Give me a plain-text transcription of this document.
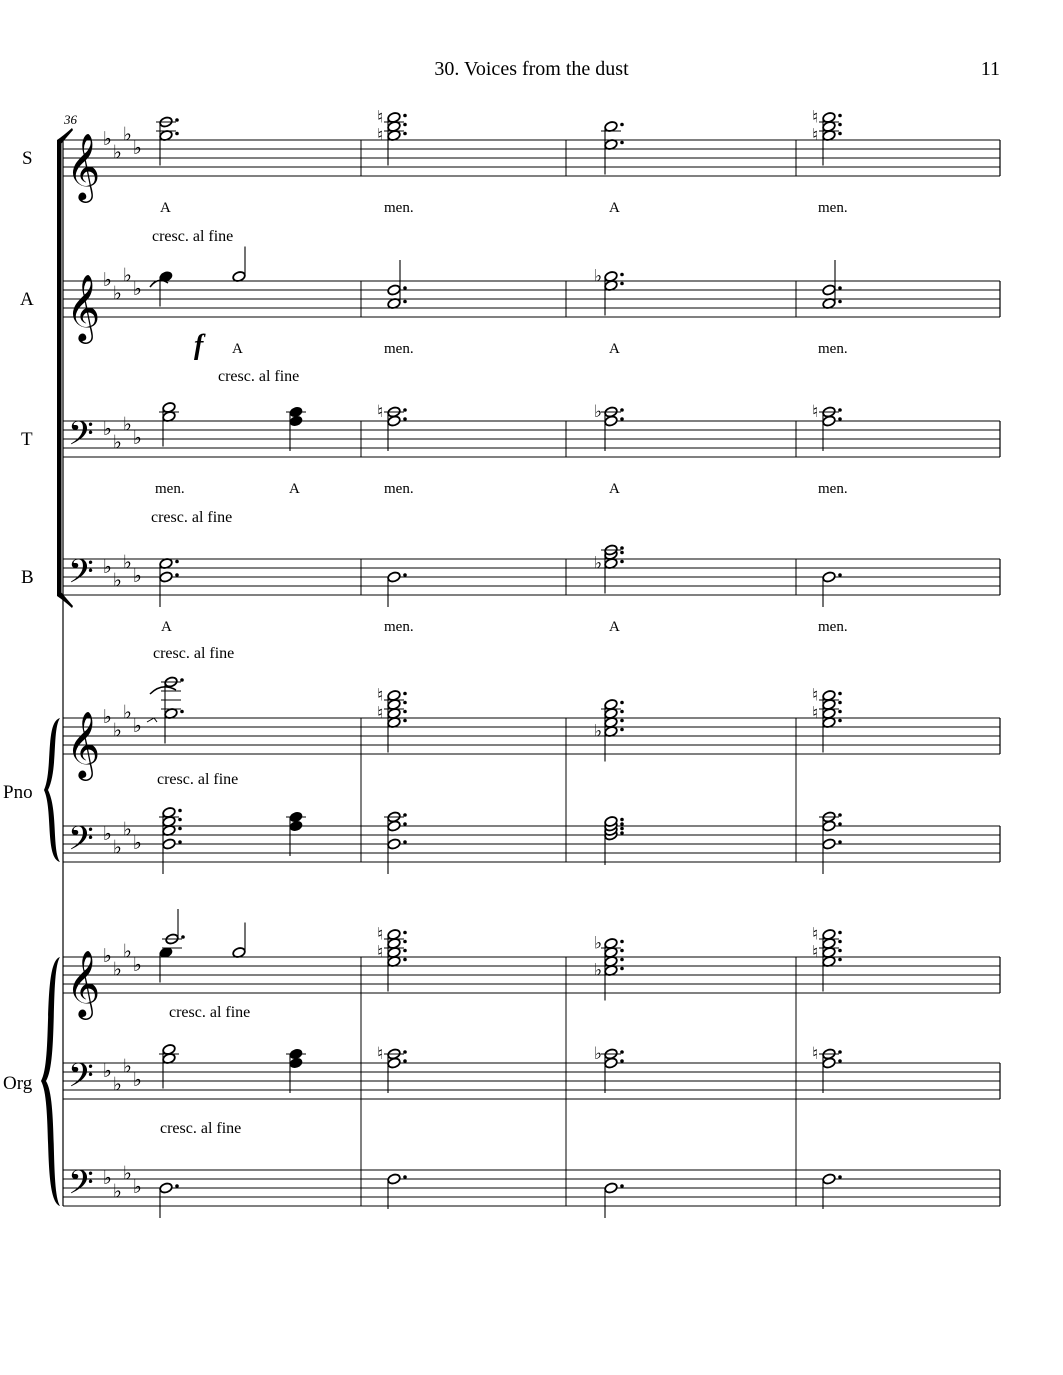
30. Voices from the dust	11
36
S
A
T
B
Pno
Org
𝄞 ♭
♭
♭
♭
𝄞 ♭
♭
♭
♭
𝄢 ♭
♭
♭
♭
𝄢 ♭
♭
♭
♭
𝄞 ♭
♭
♭
♭
𝄢 ♭
♭
♭
♭
𝄞 ♭
♭
♭
♭
𝄢 ♭
♭
♭
♭
𝄢 ♭
♭
♭
♭
♮
♮
♮
♮
♭
♮	♭	♮
♭
♮
♮
♭
♮
♮
♮
♮
♭
♭	♮
♮
♮	♭	♮
A	men.	A	men.
cresc. al fine
f A	men.	A	men.
cresc. al fine
men.	A	men.	A	men.
cresc. al fine
A	men.	A	men.
cresc. al fine
cresc. al fine
cresc. al fine
cresc. al fine
